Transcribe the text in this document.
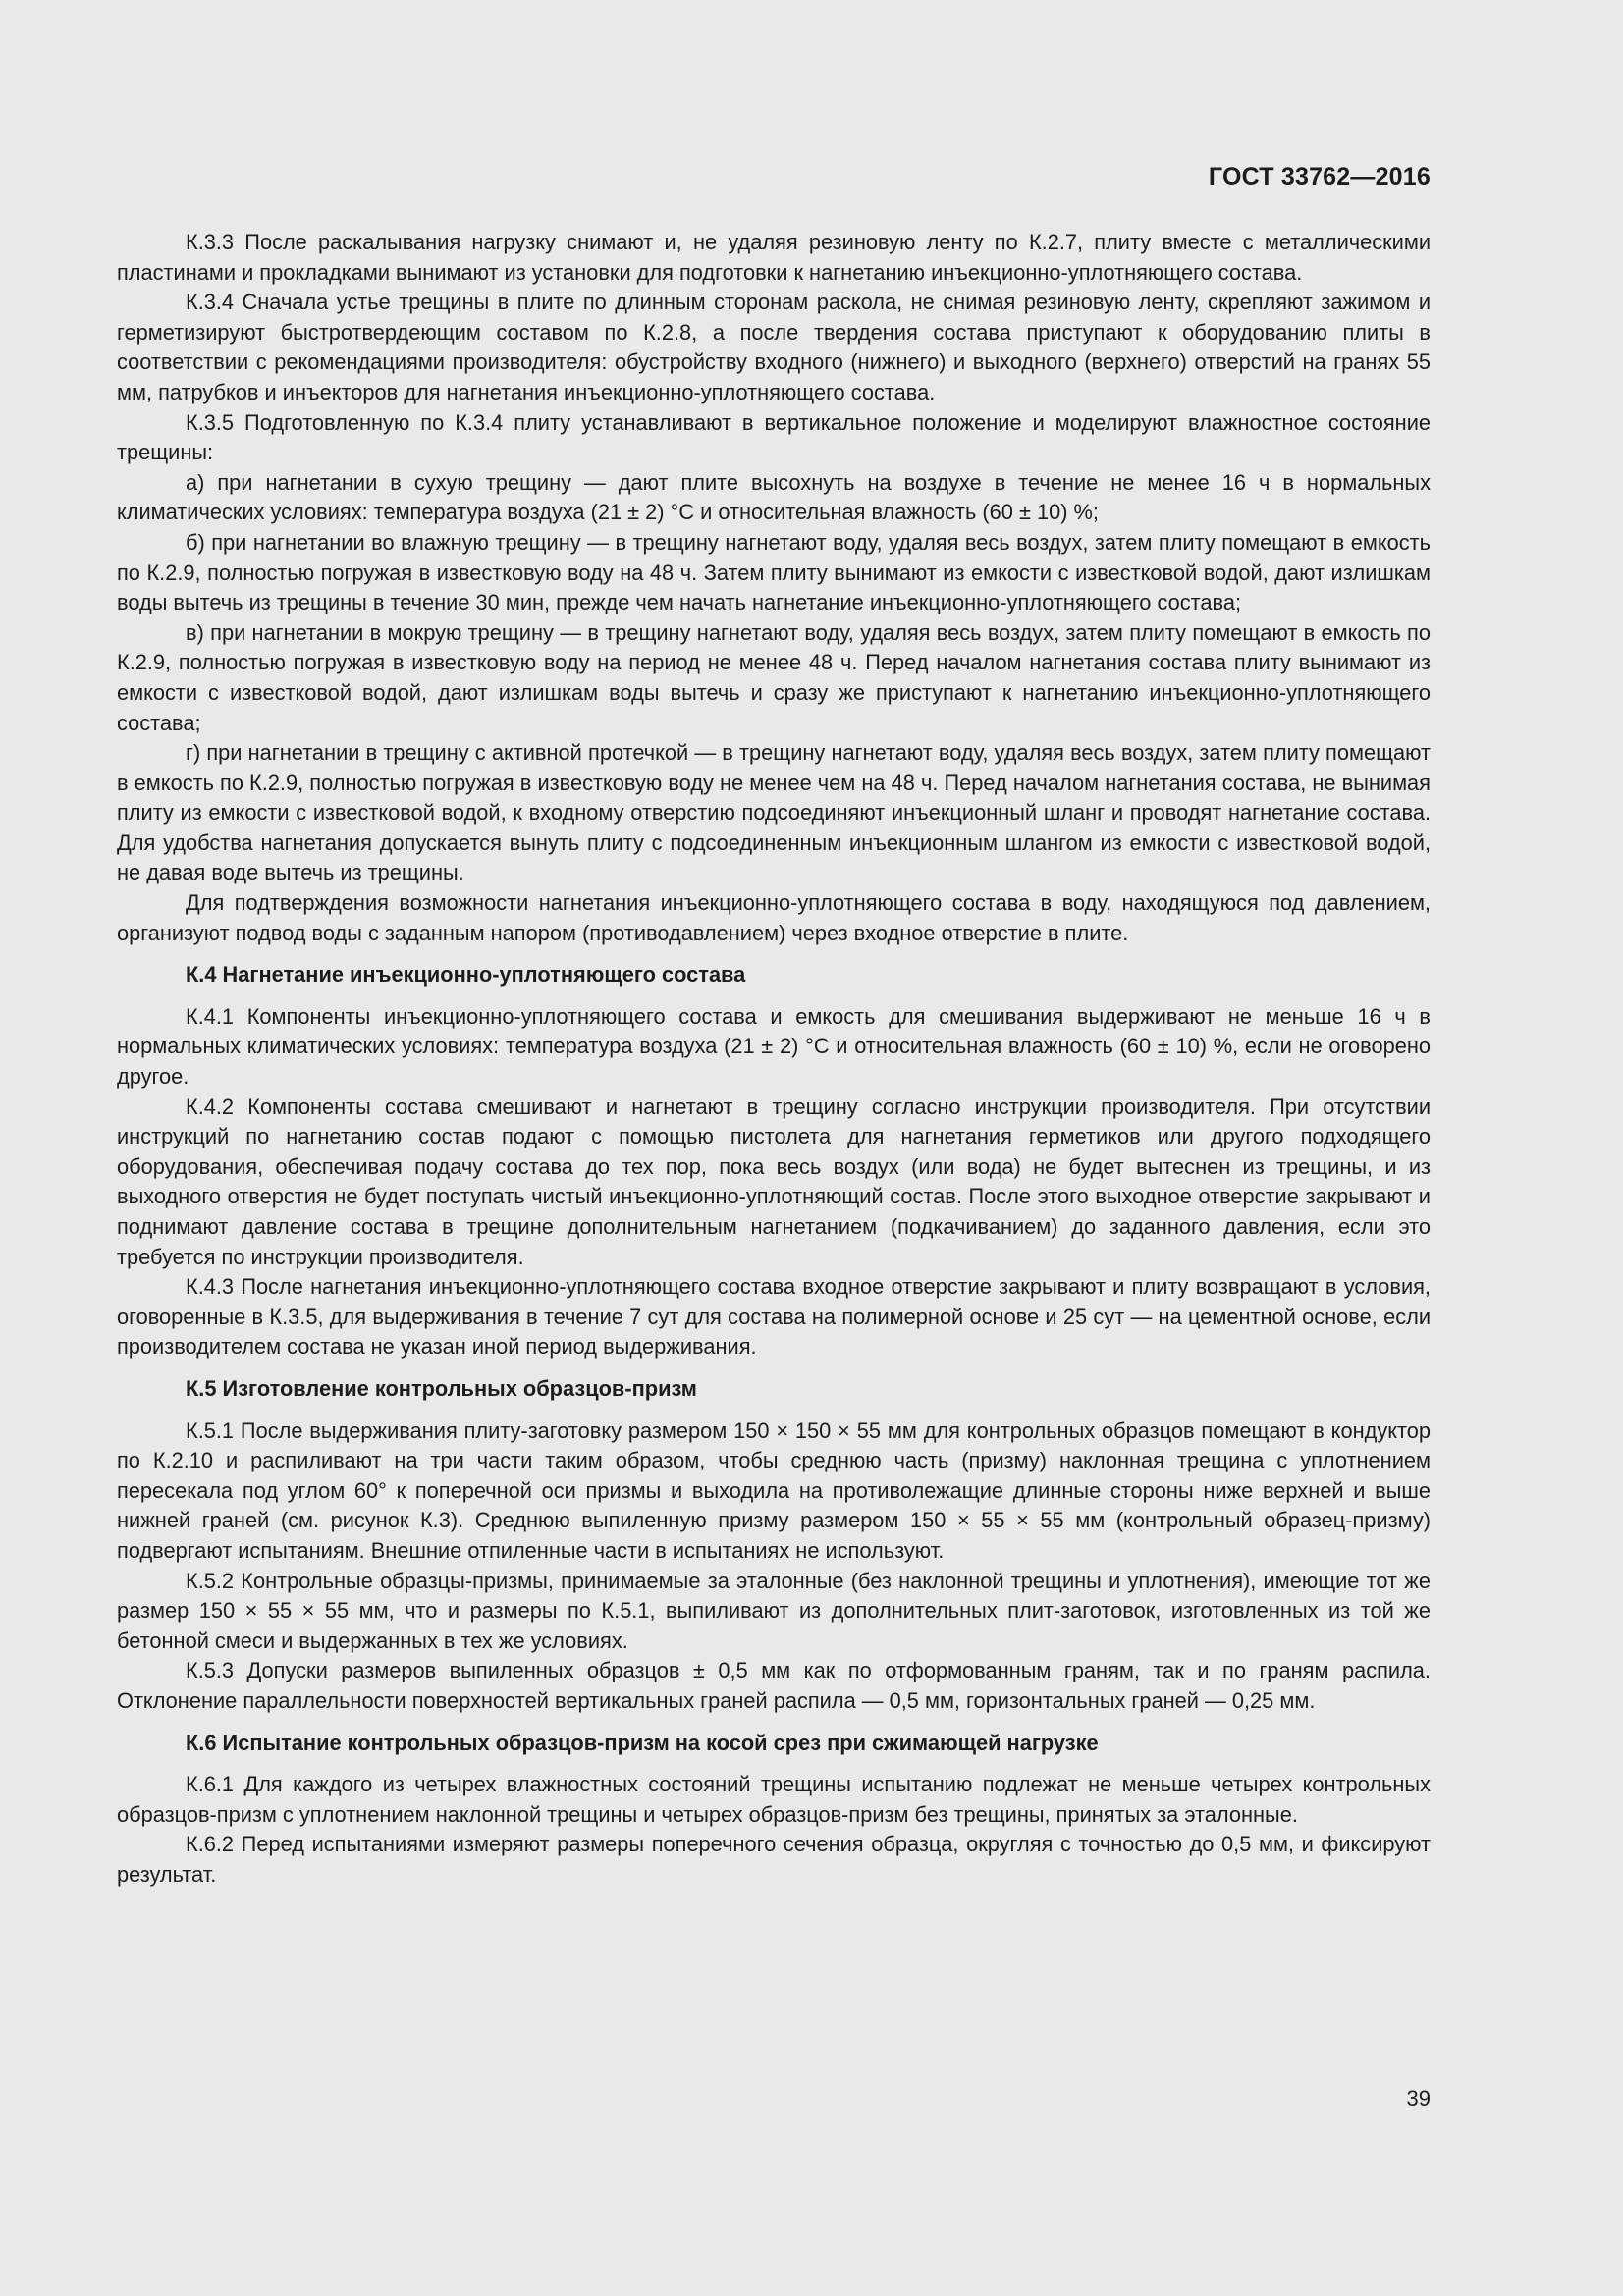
ГОСТ 33762—2016

К.3.3 После раскалывания нагрузку снимают и, не удаляя резиновую ленту по К.2.7, плиту вместе с металлическими пластинами и прокладками вынимают из установки для подготовки к нагнетанию инъекционно-уплотняющего состава.

К.3.4 Сначала устье трещины в плите по длинным сторонам раскола, не снимая резиновую ленту, скрепляют зажимом и герметизируют быстротвердеющим составом по К.2.8, а после твердения состава приступают к оборудованию плиты в соответствии с рекомендациями производителя: обустройству входного (нижнего) и выходного (верхнего) отверстий на гранях 55 мм, патрубков и инъекторов для нагнетания инъекционно-уплотняющего состава.

К.3.5 Подготовленную по К.3.4 плиту устанавливают в вертикальное положение и моделируют влажностное состояние трещины:

а) при нагнетании в сухую трещину — дают плите высохнуть на воздухе в течение не менее 16 ч в нормальных климатических условиях: температура воздуха (21 ± 2) °С и относительная влажность (60 ± 10) %;

б) при нагнетании во влажную трещину — в трещину нагнетают воду, удаляя весь воздух, затем плиту помещают в емкость по К.2.9, полностью погружая в известковую воду на 48 ч. Затем плиту вынимают из емкости с известковой водой, дают излишкам воды вытечь из трещины в течение 30 мин, прежде чем начать нагнетание инъекционно-уплотняющего состава;

в) при нагнетании в мокрую трещину — в трещину нагнетают воду, удаляя весь воздух, затем плиту помещают в емкость по К.2.9, полностью погружая в известковую воду на период не менее 48 ч. Перед началом нагнетания состава плиту вынимают из емкости с известковой водой, дают излишкам воды вытечь и сразу же приступают к нагнетанию инъекционно-уплотняющего состава;

г) при нагнетании в трещину с активной протечкой — в трещину нагнетают воду, удаляя весь воздух, затем плиту помещают в емкость по К.2.9, полностью погружая в известковую воду не менее чем на 48 ч. Перед началом нагнетания состава, не вынимая плиту из емкости с известковой водой, к входному отверстию подсоединяют инъекционный шланг и проводят нагнетание состава. Для удобства нагнетания допускается вынуть плиту с подсоединенным инъекционным шлангом из емкости с известковой водой, не давая воде вытечь из трещины.

Для подтверждения возможности нагнетания инъекционно-уплотняющего состава в воду, находящуюся под давлением, организуют подвод воды с заданным напором (противодавлением) через входное отверстие в плите.

К.4 Нагнетание инъекционно-уплотняющего состава

К.4.1 Компоненты инъекционно-уплотняющего состава и емкость для смешивания выдерживают не меньше 16 ч в нормальных климатических условиях: температура воздуха (21 ± 2) °С и относительная влажность (60 ± 10) %, если не оговорено другое.

К.4.2 Компоненты состава смешивают и нагнетают в трещину согласно инструкции производителя. При отсутствии инструкций по нагнетанию состав подают с помощью пистолета для нагнетания герметиков или другого подходящего оборудования, обеспечивая подачу состава до тех пор, пока весь воздух (или вода) не будет вытеснен из трещины, и из выходного отверстия не будет поступать чистый инъекционно-уплотняющий состав. После этого выходное отверстие закрывают и поднимают давление состава в трещине дополнительным нагнетанием (подкачиванием) до заданного давления, если это требуется по инструкции производителя.

К.4.3 После нагнетания инъекционно-уплотняющего состава входное отверстие закрывают и плиту возвращают в условия, оговоренные в К.3.5, для выдерживания в течение 7 сут для состава на полимерной основе и 25 сут — на цементной основе, если производителем состава не указан иной период выдерживания.

К.5 Изготовление контрольных образцов-призм

К.5.1 После выдерживания плиту-заготовку размером 150 × 150 × 55 мм для контрольных образцов помещают в кондуктор по К.2.10 и распиливают на три части таким образом, чтобы среднюю часть (призму) наклонная трещина с уплотнением пересекала под углом 60° к поперечной оси призмы и выходила на противолежащие длинные стороны ниже верхней и выше нижней граней (см. рисунок К.3). Среднюю выпиленную призму размером 150 × 55 × 55 мм (контрольный образец-призму) подвергают испытаниям. Внешние отпиленные части в испытаниях не используют.

К.5.2 Контрольные образцы-призмы, принимаемые за эталонные (без наклонной трещины и уплотнения), имеющие тот же размер 150 × 55 × 55 мм, что и размеры по К.5.1, выпиливают из дополнительных плит-заготовок, изготовленных из той же бетонной смеси и выдержанных в тех же условиях.

К.5.3 Допуски размеров выпиленных образцов ± 0,5 мм как по отформованным граням, так и по граням распила. Отклонение параллельности поверхностей вертикальных граней распила — 0,5 мм, горизонтальных граней — 0,25 мм.

К.6 Испытание контрольных образцов-призм на косой срез при сжимающей нагрузке

К.6.1 Для каждого из четырех влажностных состояний трещины испытанию подлежат не меньше четырех контрольных образцов-призм с уплотнением наклонной трещины и четырех образцов-призм без трещины, принятых за эталонные.

К.6.2 Перед испытаниями измеряют размеры поперечного сечения образца, округляя с точностью до 0,5 мм, и фиксируют результат.

39
